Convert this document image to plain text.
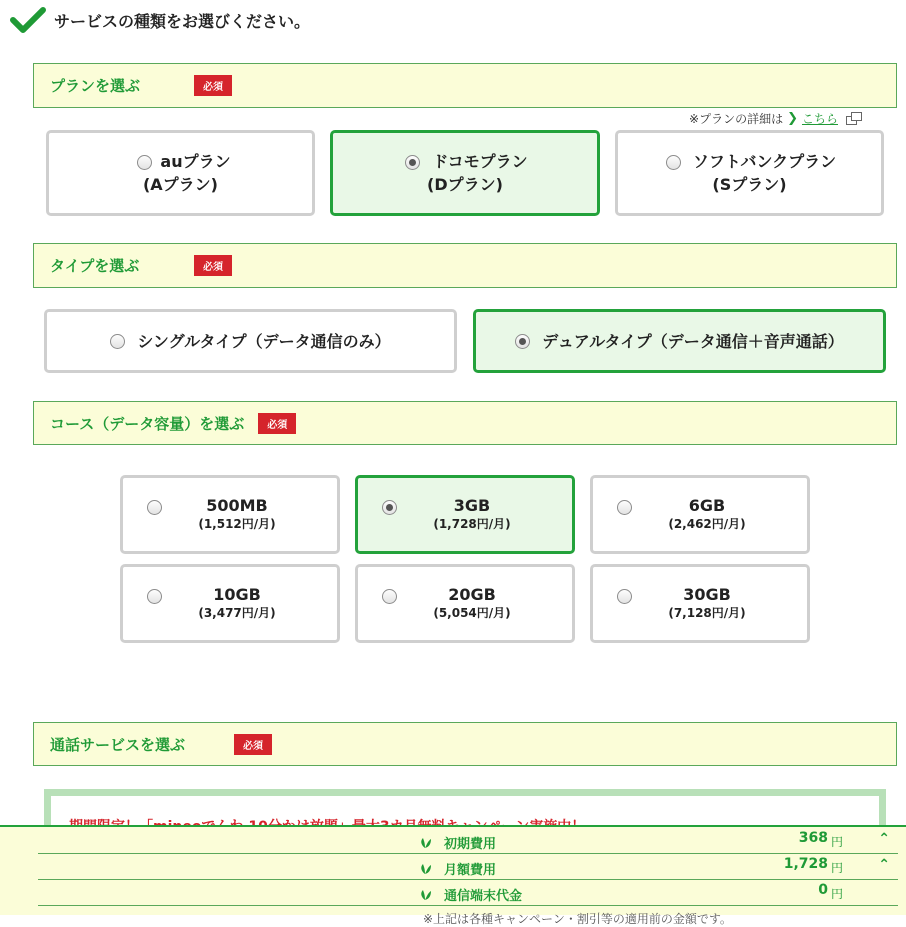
サービスの種類をお選びください。
プランを選ぶ	必須
※プランの詳細は ❯ こちら
auプラン
(Aプラン)
ドコモプラン
(Dプラン)
ソフトバンクプラン
(Sプラン)
タイプを選ぶ	必須
シングルタイプ（データ通信のみ）	デュアルタイプ（データ通信＋音声通話）
コース（データ容量）を選ぶ	必須
500MB
(1,512円/月)
3GB
(1,728円/月)
6GB
(2,462円/月)
10GB
(3,477円/月)
20GB
(5,054円/月)
30GB
(7,128円/月)
通話サービスを選ぶ	必須
初期費用	368 円	⌃
月額費用	1,728 円	⌃
通信端末代金	0 円
※上記は各種キャンペーン・割引等の適用前の金額です。
